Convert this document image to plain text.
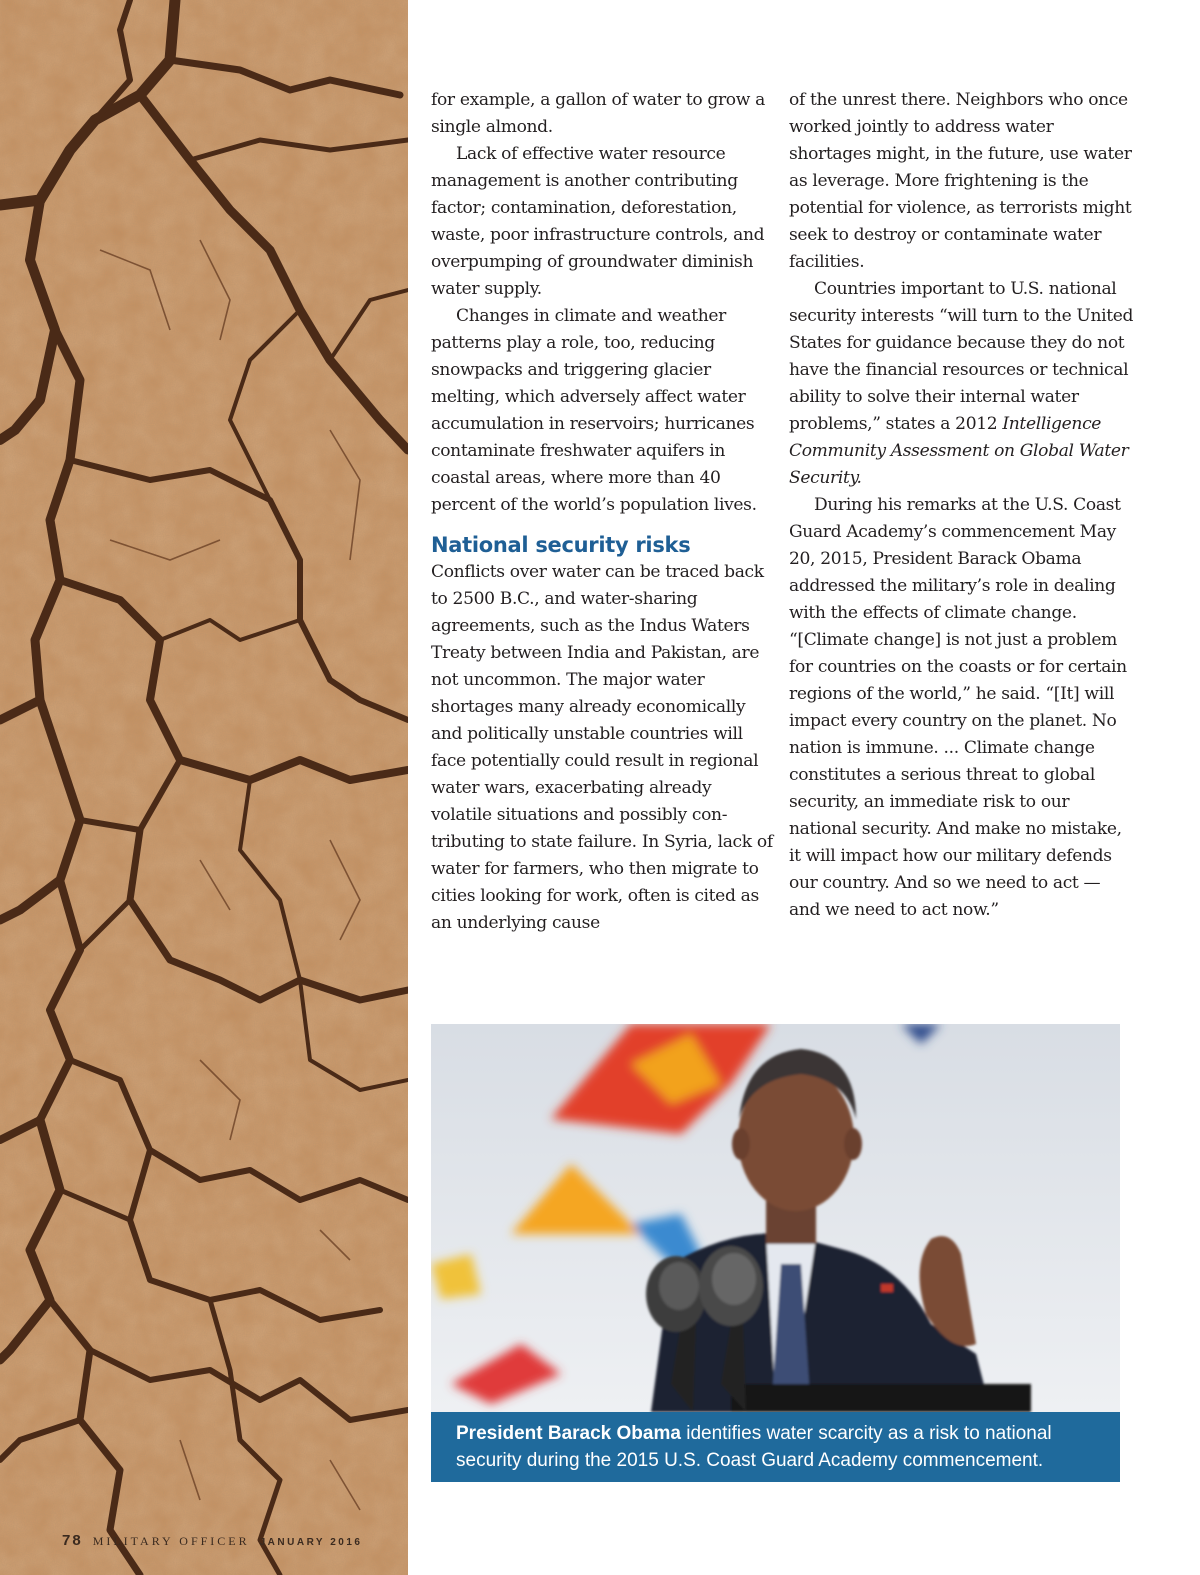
78 MILITARY OFFICER JANUARY 2016

for example, a gallon of water to grow a single almond.

Lack of effective water resource management is another contributing factor; contamination, deforestation, waste, poor infrastructure controls, and overpumping of groundwater diminish water supply.

Changes in climate and weather patterns play a role, too, reducing snowpacks and triggering glacier melting, which adversely affect water accumulation in reservoirs; hurricanes contaminate freshwater aquifers in coastal areas, where more than 40 percent of the world’s population lives.

National security risks

Conflicts over water can be traced back to 2500 B.C., and water-sharing agreements, such as the Indus Waters Treaty between India and Pakistan, are not uncommon. The major water shortages many already economically and politically unstable countries will face potentially could result in regional water wars, exacerbating already volatile situations and possibly contributing to state failure. In Syria, lack of water for farmers, who then migrate to cities looking for work, often is cited as an underlying cause

of the unrest there. Neighbors who once worked jointly to address water shortages might, in the future, use water as leverage. More frightening is the potential for violence, as terrorists might seek to destroy or contaminate water facilities.

Countries important to U.S. national security interests “will turn to the United States for guidance because they do not have the financial resources or technical ability to solve their internal water problems,” states a 2012 Intelligence Community Assessment on Global Water Security.

During his remarks at the U.S. Coast Guard Academy’s commencement May 20, 2015, President Barack Obama addressed the military’s role in dealing with the effects of climate change. “[Climate change] is not just a problem for countries on the coasts or for certain regions of the world,” he said. “[It] will impact every country on the planet. No nation is immune. ... Climate change constitutes a serious threat to global security, an immediate risk to our national security. And make no mistake, it will impact how our military defends our country. And so we need to act — and we need to act now.”

President Barack Obama identifies water scarcity as a risk to national security during the 2015 U.S. Coast Guard Academy commencement.
